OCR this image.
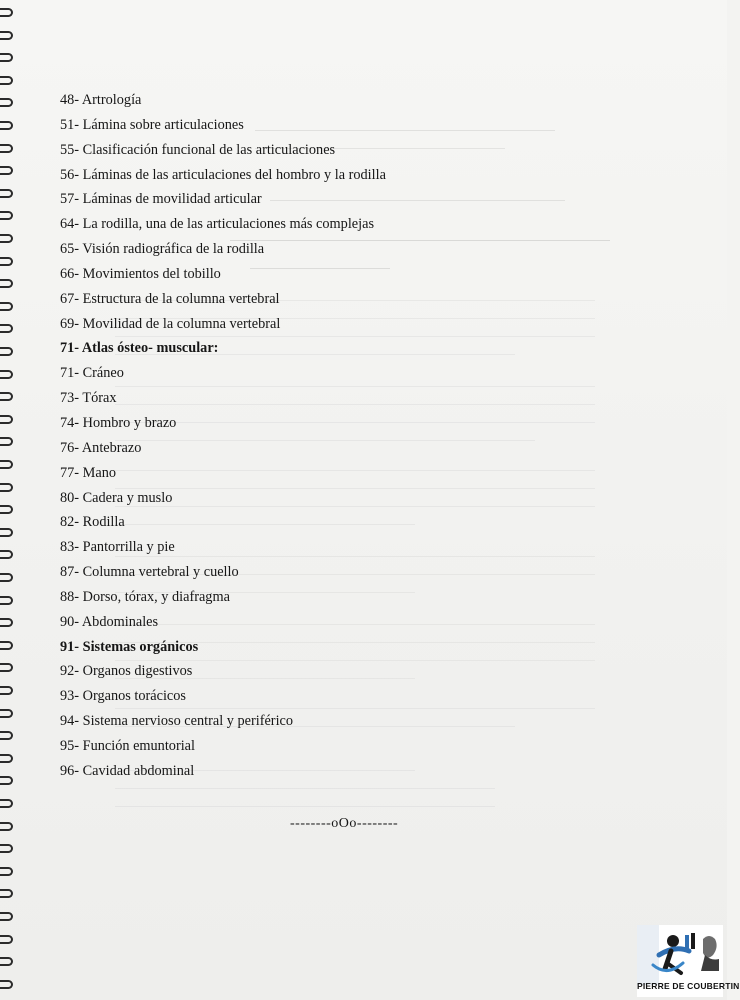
48- Artrología
51- Lámina sobre articulaciones
55- Clasificación funcional de las articulaciones
56- Láminas de las articulaciones del hombro y la rodilla
57- Láminas de movilidad articular
64- La rodilla, una de las articulaciones más complejas
65- Visión radiográfica de la rodilla
66- Movimientos del tobillo
67- Estructura de la columna vertebral
69- Movilidad de la columna vertebral
71- Atlas ósteo- muscular:
71- Cráneo
73- Tórax
74- Hombro y brazo
76- Antebrazo
77- Mano
80- Cadera y muslo
82- Rodilla
83- Pantorrilla y pie
87- Columna vertebral y cuello
88- Dorso, tórax, y diafragma
90- Abdominales
91- Sistemas orgánicos
92- Organos digestivos
93- Organos torácicos
94- Sistema nervioso central y periférico
95- Función emuntorial
96- Cavidad abdominal
--------oOo--------
PIERRE DE COUBERTIN
